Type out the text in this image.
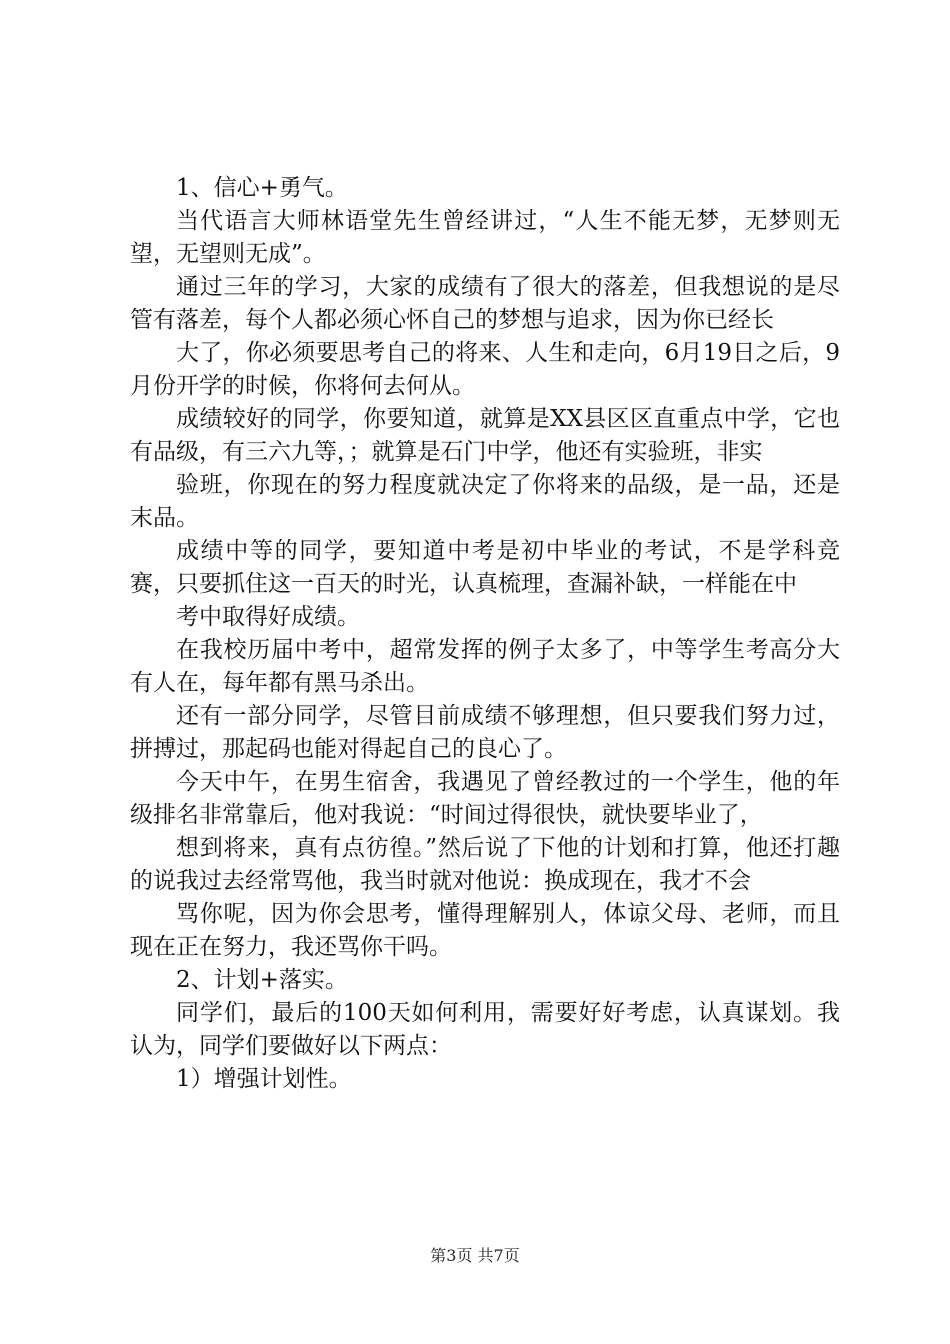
1、信心+勇气。

当代语言大师林语堂先生曾经讲过，“人生不能无梦，无梦则无望，无望则无成”。

通过三年的学习，大家的成绩有了很大的落差，但我想说的是尽管有落差，每个人都必须心怀自己的梦想与追求，因为你已经长

大了，你必须要思考自己的将来、人生和走向，6月19日之后，9月份开学的时候，你将何去何从。

成绩较好的同学，你要知道，就算是XX县区区直重点中学，它也有品级，有三六九等，；就算是石门中学，他还有实验班，非实

验班，你现在的努力程度就决定了你将来的品级，是一品，还是末品。

成绩中等的同学，要知道中考是初中毕业的考试，不是学科竞赛，只要抓住这一百天的时光，认真梳理，查漏补缺，一样能在中

考中取得好成绩。

在我校历届中考中，超常发挥的例子太多了，中等学生考高分大有人在，每年都有黑马杀出。

还有一部分同学，尽管目前成绩不够理想，但只要我们努力过，拼搏过，那起码也能对得起自己的良心了。

今天中午，在男生宿舍，我遇见了曾经教过的一个学生，他的年级排名非常靠后，他对我说：“时间过得很快，就快要毕业了，

想到将来，真有点彷徨。”然后说了下他的计划和打算，他还打趣的说我过去经常骂他，我当时就对他说：换成现在，我才不会

骂你呢，因为你会思考，懂得理解别人，体谅父母、老师，而且现在正在努力，我还骂你干吗。

2、计划+落实。

同学们，最后的100天如何利用，需要好好考虑，认真谋划。我认为，同学们要做好以下两点：

1）增强计划性。

第3页 共7页
